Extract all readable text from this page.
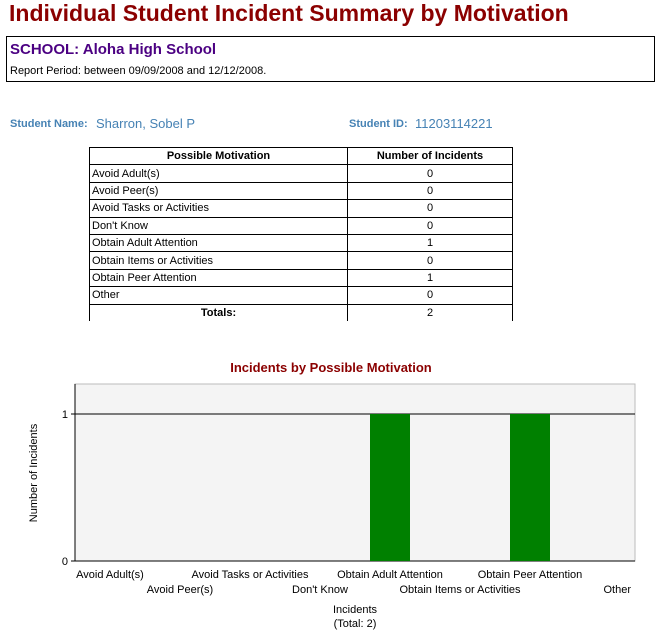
Individual Student Incident Summary by Motivation
SCHOOL: Aloha High School
Report Period: between 09/09/2008 and 12/12/2008.
Student Name: Sharron, Sobel P	Student ID: 11203114221
Possible Motivation	Number of Incidents
Avoid Adult(s)	0
Avoid Peer(s)	0
Avoid Tasks or Activities	0
Don't Know	0
Obtain Adult Attention	1
Obtain Items or Activities	0
Obtain Peer Attention	1
Other	0
Totals:	2
Incidents by Possible Motivation
0
1
Avoid Adult(s)
Avoid Peer(s)
Avoid Tasks or Activities
Don't Know
Obtain Adult Attention
Obtain Items or Activities
Obtain Peer Attention
Other
Number of Incidents
Incidents
(Total: 2)
